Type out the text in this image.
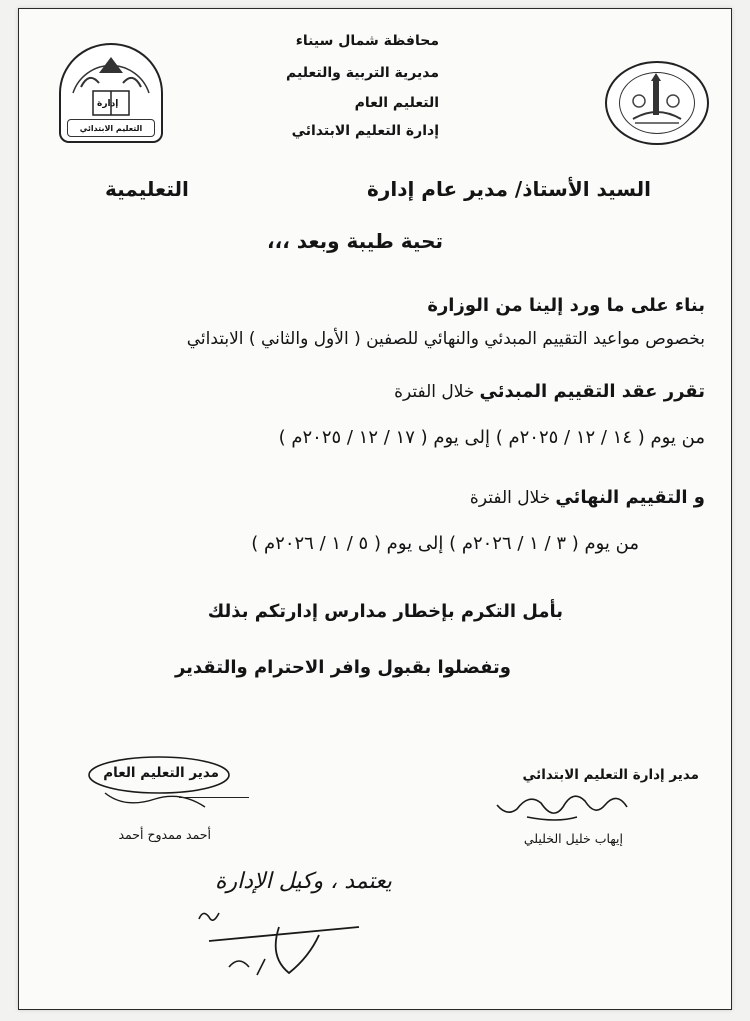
إدارة
التعليم الابتدائي
محافظة شمال سيناء
مديرية التربية والتعليم
التعليم العام
إدارة التعليم الابتدائي
السيد الأستاذ/ مدير عام إدارة
التعليمية
تحية طيبة وبعد ،،،
بناء على ما ورد إلينا من الوزارة
بخصوص مواعيد التقييم المبدئي والنهائي للصفين ( الأول والثاني ) الابتدائي
تقرر عقد التقييم المبدئي خلال الفترة
من يوم ( ١٤ / ١٢ / ٢٠٢٥م ) إلى يوم ( ١٧ / ١٢ / ٢٠٢٥م )
و التقييم النهائي خلال الفترة
من يوم ( ٣ / ١ / ٢٠٢٦م ) إلى يوم ( ٥ / ١ / ٢٠٢٦م )
بأمل التكرم بإخطار مدارس إدارتكم بذلك
وتفضلوا بقبول وافر الاحترام والتقدير
مدير إدارة التعليم الابتدائي
إيهاب خليل الخليلي
مدير التعليم العام
أحمد ممدوح أحمد
يعتمد ، وكيل الإدارة
